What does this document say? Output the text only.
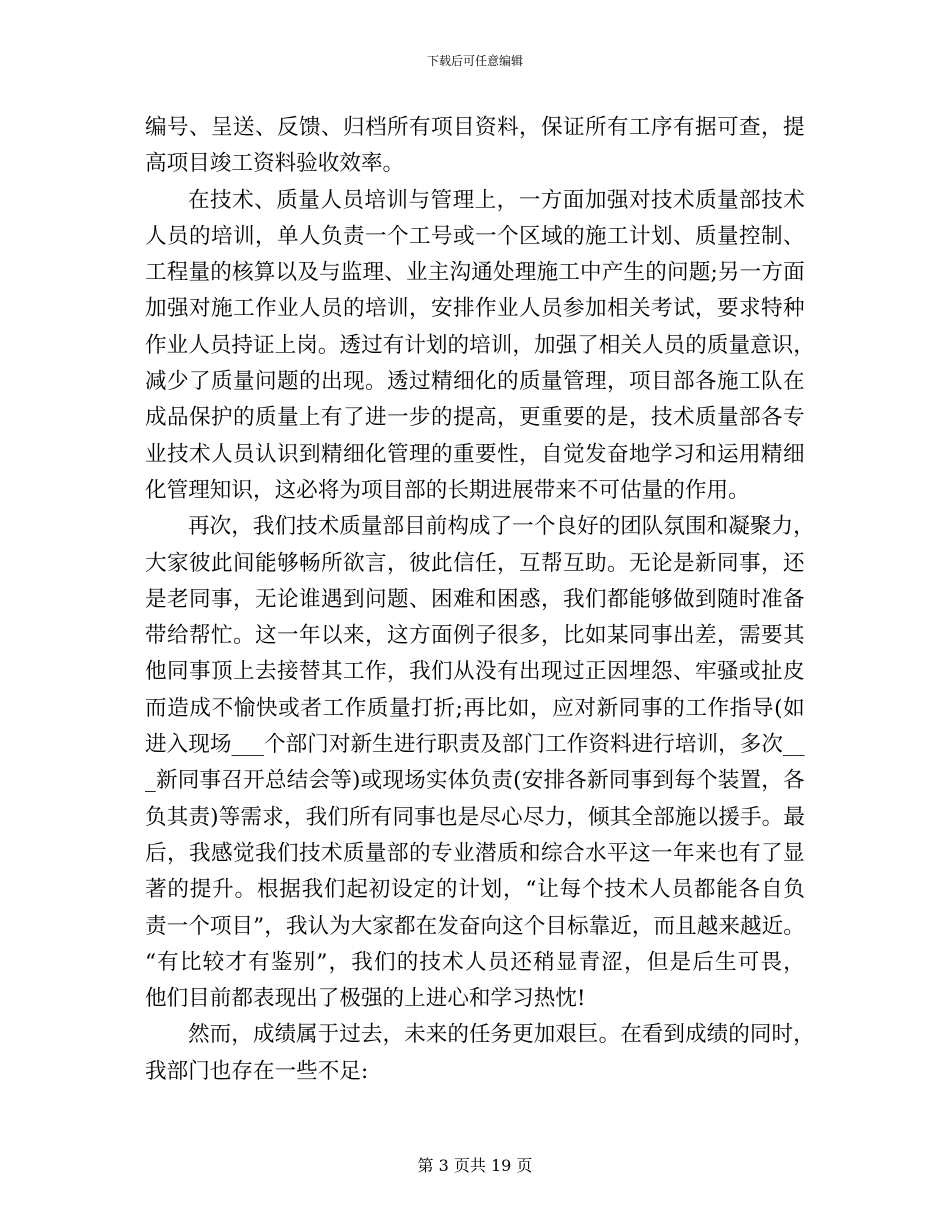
下载后可任意编辑
编 号 、 呈 送 、 反 馈 、 归 档 所 有 项 目 资 料 ， 保 证 所 有 工 序 有 据 可 查 ， 提
高项目竣工资料验收效率。
在 技 术 、 质 量 人 员 培 训 与 管 理 上 ， 一 方 面 加 强 对 技 术 质 量 部 技 术
人 员 的 培 训 ， 单 人 负 责 一 个 工 号 或 一 个 区 域 的 施 工 计 划 、 质 量 控 制 、
工 程 量 的 核 算 以 及 与 监 理 、 业 主 沟 通 处 理 施 工 中 产 生 的 问 题 ; 另 一 方 面
加 强 对 施 工 作 业 人 员 的 培 训 ， 安 排 作 业 人 员 参 加 相 关 考 试 ， 要 求 特 种
作 业 人 员 持 证 上 岗 。 透 过 有 计 划 的 培 训 ， 加 强 了 相 关 人 员 的 质 量 意 识 ，
减 少 了 质 量 问 题 的 出 现 。 透 过 精 细 化 的 质 量 管 理 ， 项 目 部 各 施 工 队 在
成 品 保 护 的 质 量 上 有 了 进 一 步 的 提 高 ， 更 重 要 的 是 ， 技 术 质 量 部 各 专
业 技 术 人 员 认 识 到 精 细 化 管 理 的 重 要 性 ， 自 觉 发 奋 地 学 习 和 运 用 精 细
化管理知识，这必将为项目部的长期进展带来不可估量的作用。
再 次 ， 我 们 技 术 质 量 部 目 前 构 成 了 一 个 良 好 的 团 队 氛 围 和 凝 聚 力 ，
大 家 彼 此 间 能 够 畅 所 欲 言 ， 彼 此 信 任 ， 互 帮 互 助 。 无 论 是 新 同 事 ， 还
是 老 同 事 ， 无 论 谁 遇 到 问 题 、 困 难 和 困 惑 ， 我 们 都 能 够 做 到 随 时 准 备
带 给 帮 忙 。 这 一 年 以 来 ， 这 方 面 例 子 很 多 ， 比 如 某 同 事 出 差 ， 需 要 其
他 同 事 顶 上 去 接 替 其 工 作 ， 我 们 从 没 有 出 现 过 正 因 埋 怨 、 牢 骚 或 扯 皮
而 造 成 不 愉 快 或 者 工 作 质 量 打 折 ; 再 比 如 ， 应 对 新 同 事 的 工 作 指 导 ( 如
进 入 现 场 _ _ _ 个 部 门 对 新 生 进 行 职 责 及 部 门 工 作 资 料 进 行 培 训 ， 多 次 _ _
_ 新 同 事 召 开 总 结 会 等 ) 或 现 场 实 体 负 责 ( 安 排 各 新 同 事 到 每 个 装 置 ， 各
负 其 责 ) 等 需 求 ， 我 们 所 有 同 事 也 是 尽 心 尽 力 ， 倾 其 全 部 施 以 援 手 。 最
后 ， 我 感 觉 我 们 技 术 质 量 部 的 专 业 潜 质 和 综 合 水 平 这 一 年 来 也 有 了 显
著 的 提 升 。 根 据 我 们 起 初 设 定 的 计 划 ， “ 让 每 个 技 术 人 员 都 能 各 自 负
责 一 个 项 目 ” ， 我 认 为 大 家 都 在 发 奋 向 这 个 目 标 靠 近 ， 而 且 越 来 越 近 。
“ 有 比 较 才 有 鉴 别 ” ， 我 们 的 技 术 人 员 还 稍 显 青 涩 ， 但 是 后 生 可 畏 ，
他们目前都表现出了极强的上进心和学习热忱!
然 而 ， 成 绩 属 于 过 去 ， 未 来 的 任 务 更 加 艰 巨 。 在 看 到 成 绩 的 同 时 ，
我部门也存在一些不足:
第 3 页共 19 页
